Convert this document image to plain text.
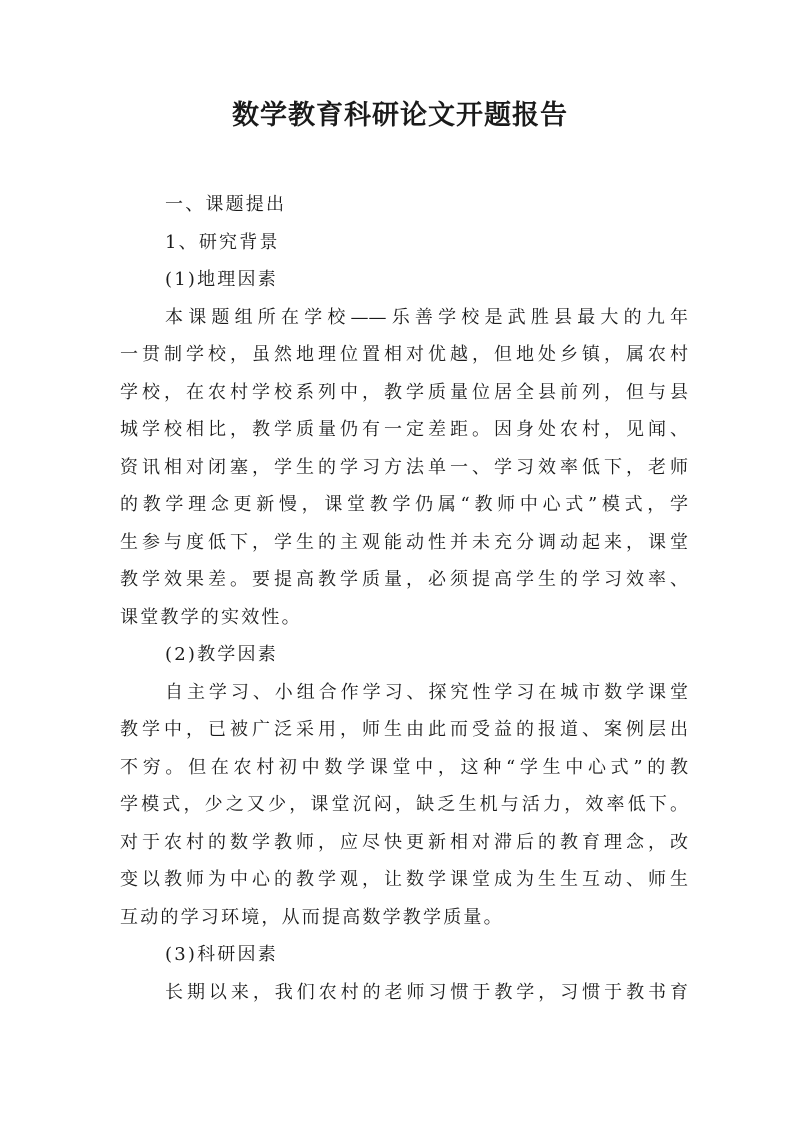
数学教育科研论文开题报告
一、课题提出
1、研究背景
(1)地理因素
本课题组所在学校——乐善学校是武胜县最大的九年
一贯制学校，虽然地理位置相对优越，但地处乡镇，属农村
学校，在农村学校系列中，教学质量位居全县前列，但与县
城学校相比，教学质量仍有一定差距。因身处农村，见闻、
资讯相对闭塞，学生的学习方法单一、学习效率低下，老师
的教学理念更新慢，课堂教学仍属“教师中心式”模式，学
生参与度低下，学生的主观能动性并未充分调动起来，课堂
教学效果差。要提高教学质量，必须提高学生的学习效率、
课堂教学的实效性。
(2)教学因素
自主学习、小组合作学习、探究性学习在城市数学课堂
教学中，已被广泛采用，师生由此而受益的报道、案例层出
不穷。但在农村初中数学课堂中，这种“学生中心式”的教
学模式，少之又少，课堂沉闷，缺乏生机与活力，效率低下。
对于农村的数学教师，应尽快更新相对滞后的教育理念，改
变以教师为中心的教学观，让数学课堂成为生生互动、师生
互动的学习环境，从而提高数学教学质量。
(3)科研因素
长期以来，我们农村的老师习惯于教学，习惯于教书育
